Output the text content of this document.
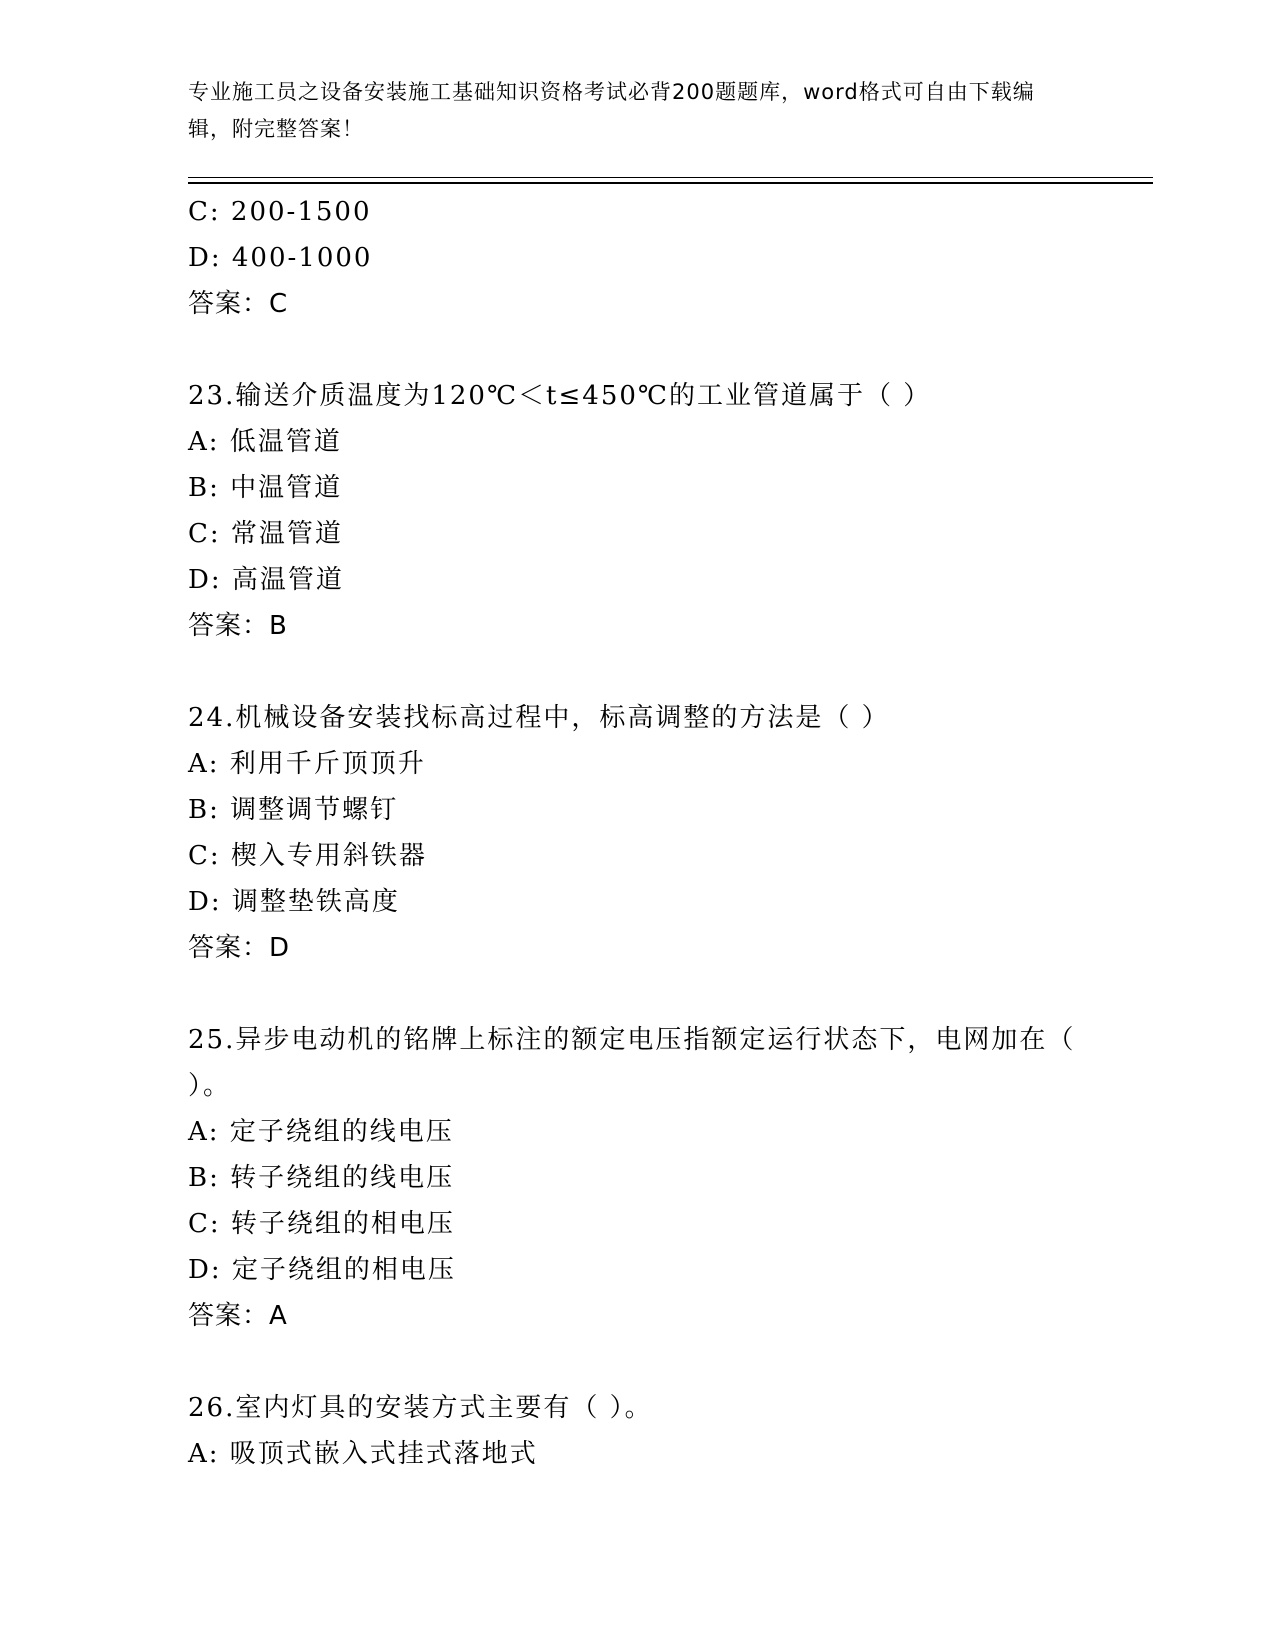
专业施工员之设备安装施工基础知识资格考试必背200题题库，word格式可自由下载编辑，附完整答案！
C: 200-1500
D: 400-1000
答案：C
23.输送介质温度为120℃＜t≤450℃的工业管道属于（ ）
A: 低温管道
B: 中温管道
C: 常温管道
D: 高温管道
答案：B
24.机械设备安装找标高过程中，标高调整的方法是（ ）
A: 利用千斤顶顶升
B: 调整调节螺钉
C: 楔入专用斜铁器
D: 调整垫铁高度
答案：D
25.异步电动机的铭牌上标注的额定电压指额定运行状态下，电网加在（ ）。
A: 定子绕组的线电压
B: 转子绕组的线电压
C: 转子绕组的相电压
D: 定子绕组的相电压
答案：A
26.室内灯具的安装方式主要有（ ）。
A: 吸顶式嵌入式挂式落地式
